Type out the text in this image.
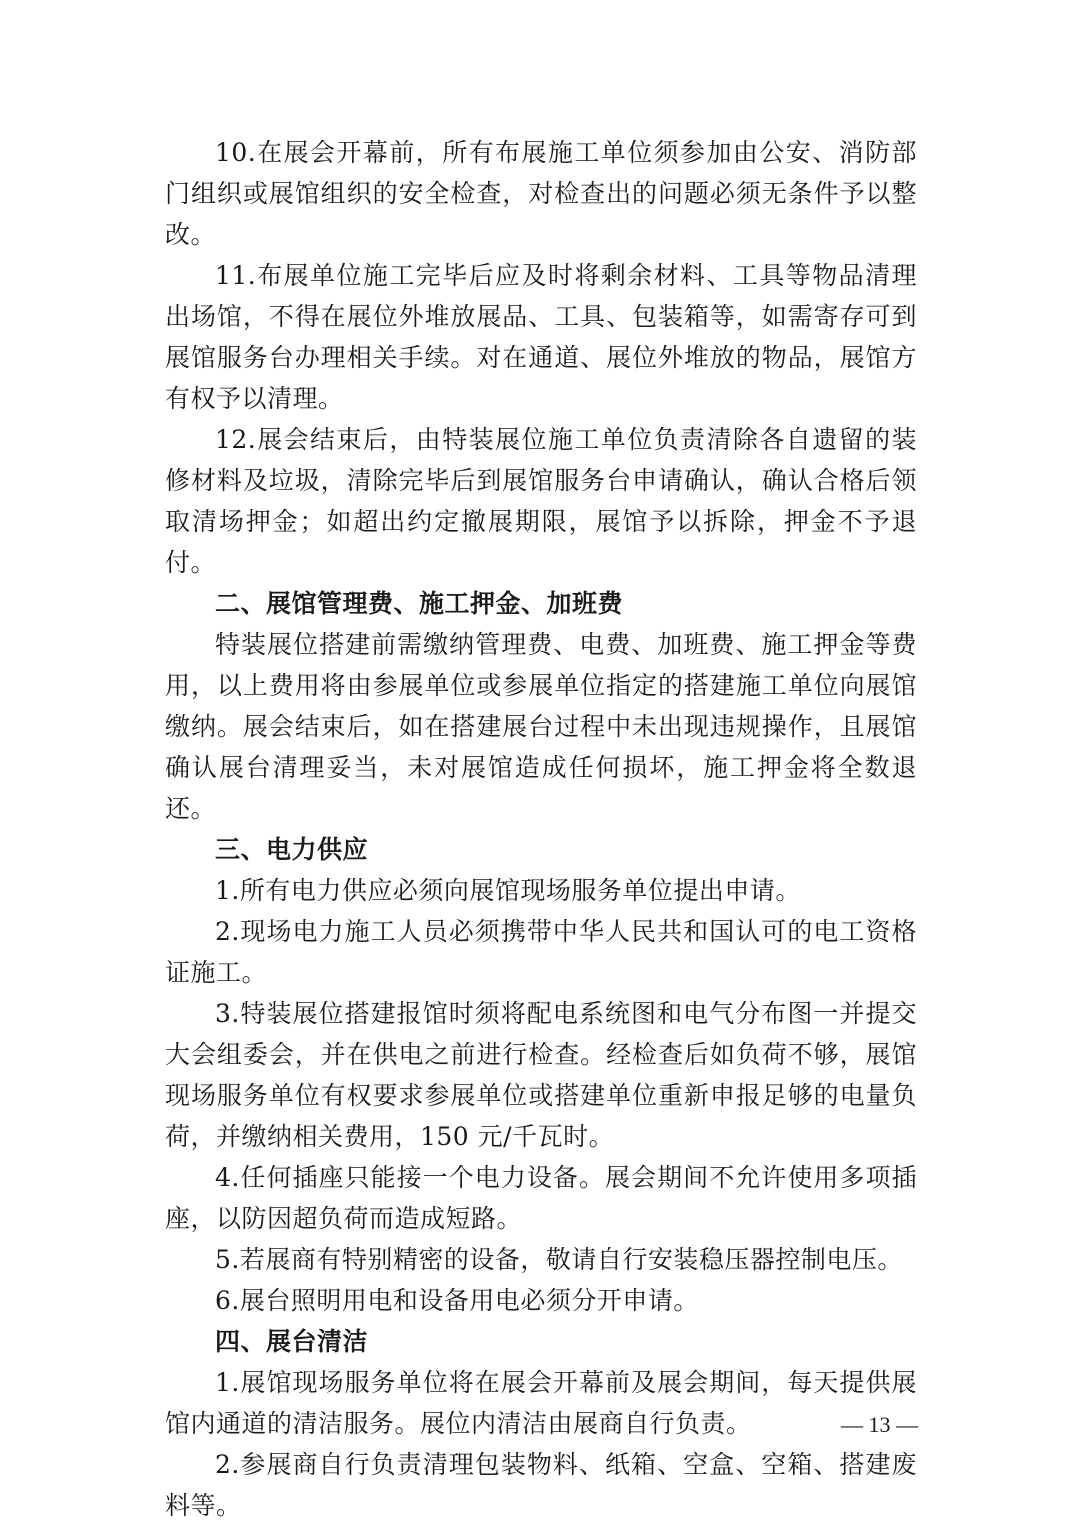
10.在展会开幕前，所有布展施工单位须参加由公安、消防部门组织或展馆组织的安全检查，对检查出的问题必须无条件予以整改。

11.布展单位施工完毕后应及时将剩余材料、工具等物品清理出场馆，不得在展位外堆放展品、工具、包装箱等，如需寄存可到展馆服务台办理相关手续。对在通道、展位外堆放的物品，展馆方有权予以清理。

12.展会结束后，由特装展位施工单位负责清除各自遗留的装修材料及垃圾，清除完毕后到展馆服务台申请确认，确认合格后领取清场押金；如超出约定撤展期限，展馆予以拆除，押金不予退付。

二、展馆管理费、施工押金、加班费

特装展位搭建前需缴纳管理费、电费、加班费、施工押金等费用，以上费用将由参展单位或参展单位指定的搭建施工单位向展馆缴纳。展会结束后，如在搭建展台过程中未出现违规操作，且展馆确认展台清理妥当，未对展馆造成任何损坏，施工押金将全数退还。

三、电力供应

1.所有电力供应必须向展馆现场服务单位提出申请。

2.现场电力施工人员必须携带中华人民共和国认可的电工资格证施工。

3.特装展位搭建报馆时须将配电系统图和电气分布图一并提交大会组委会，并在供电之前进行检查。经检查后如负荷不够，展馆现场服务单位有权要求参展单位或搭建单位重新申报足够的电量负荷，并缴纳相关费用，150 元/千瓦时。

4.任何插座只能接一个电力设备。展会期间不允许使用多项插座，以防因超负荷而造成短路。

5.若展商有特别精密的设备，敬请自行安装稳压器控制电压。

6.展台照明用电和设备用电必须分开申请。

四、展台清洁

1.展馆现场服务单位将在展会开幕前及展会期间，每天提供展馆内通道的清洁服务。展位内清洁由展商自行负责。

2.参展商自行负责清理包装物料、纸箱、空盒、空箱、搭建废料等。

— 13 —
